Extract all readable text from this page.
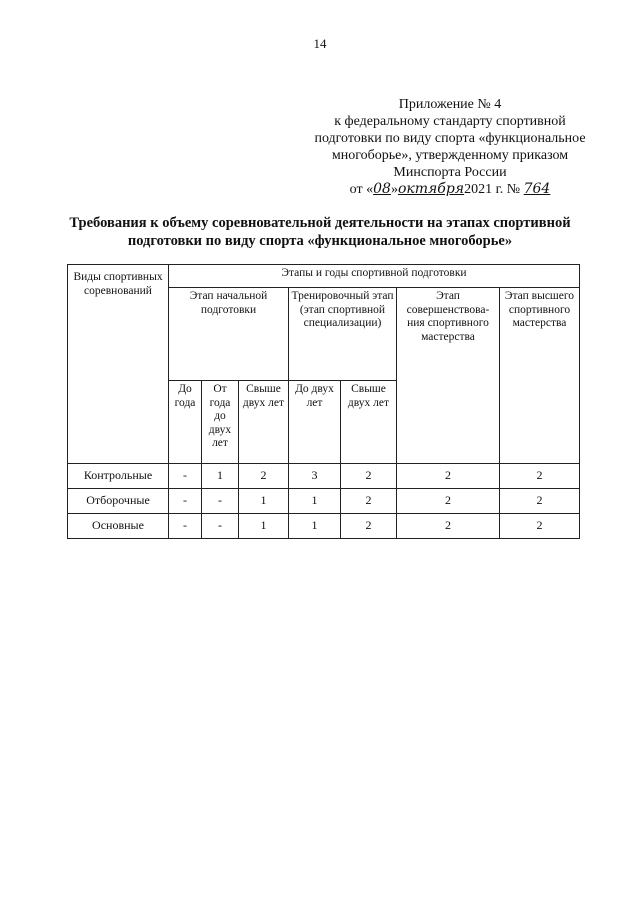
14
Приложение № 4
к федеральному стандарту спортивной
подготовки по виду спорта «функциональное
многоборье», утвержденному приказом
Минспорта России
от «08»октября2021 г. № 764
Требования к объему соревновательной деятельности на этапах спортивной
подготовки по виду спорта «функциональное многоборье»
Виды спортивных соревнований	Этапы и годы спортивной подготовки						
	Этап начальной подготовки			Тренировочный этап (этап спортивной специализации)		Этап совершенствова-ния спортивного мастерства	Этап высшего спортивного мастерства
	До года	От года до двух лет	Свыше двух лет	До двух лет	Свыше двух лет		
Контрольные	-	1	2	3	2	2	2
Отборочные	-	-	1	1	2	2	2
Основные	-	-	1	1	2	2	2
